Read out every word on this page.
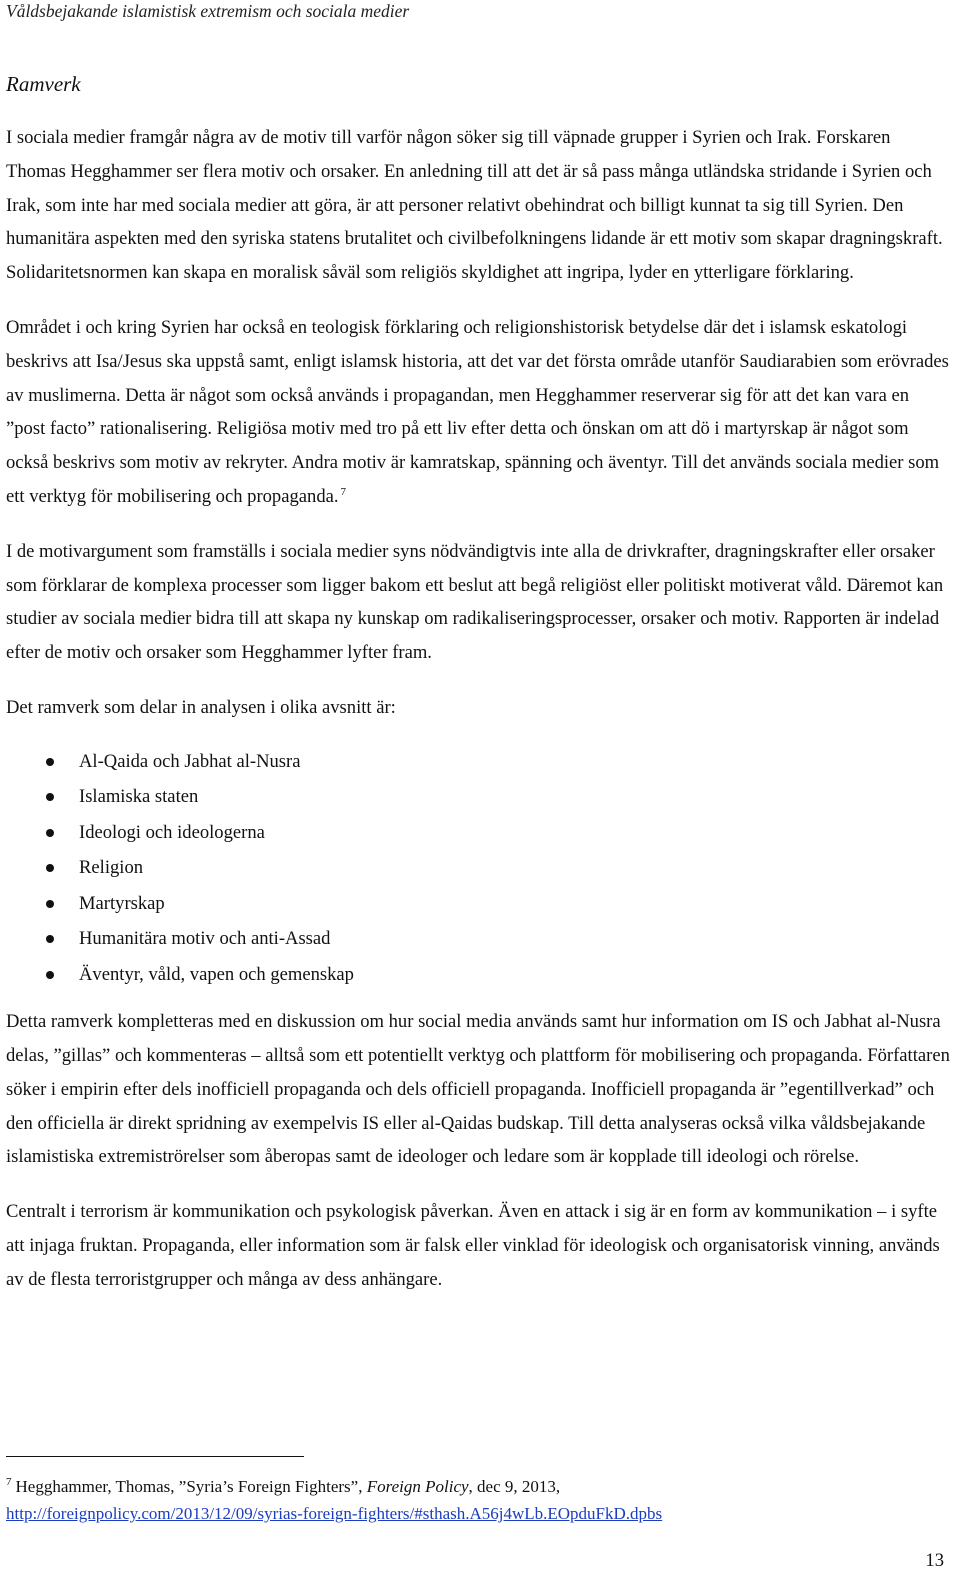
Våldsbejakande islamistisk extremism och sociala medier
Ramverk

I sociala medier framgår några av de motiv till varför någon söker sig till väpnade grupper i Syrien och Irak. Forskaren Thomas Hegghammer ser flera motiv och orsaker. En anledning till att det är så pass många utländska stridande i Syrien och Irak, som inte har med sociala medier att göra, är att personer relativt obehindrat och billigt kunnat ta sig till Syrien. Den humanitära aspekten med den syriska statens brutalitet och civilbefolkningens lidande är ett motiv som skapar dragningskraft. Solidaritetsnormen kan skapa en moralisk såväl som religiös skyldighet att ingripa, lyder en ytterligare förklaring.

Området i och kring Syrien har också en teologisk förklaring och religionshistorisk betydelse där det i islamsk eskatologi beskrivs att Isa/Jesus ska uppstå samt, enligt islamsk historia, att det var det första område utanför Saudiarabien som erövrades av muslimerna. Detta är något som också används i propagandan, men Hegghammer reserverar sig för att det kan vara en ”post facto” rationalisering. Religiösa motiv med tro på ett liv efter detta och önskan om att dö i martyrskap är något som också beskrivs som motiv av rekryter. Andra motiv är kamratskap, spänning och äventyr. Till det används sociala medier som ett verktyg för mobilisering och propaganda. $^7$

I de motivargument som framställs i sociala medier syns nödvändigtvis inte alla de drivkrafter, dragningskrafter eller orsaker som förklarar de komplexa processer som ligger bakom ett beslut att begå religiöst eller politiskt motiverat våld. Däremot kan studier av sociala medier bidra till att skapa ny kunskap om radikaliseringsprocesser, orsaker och motiv. Rapporten är indelad efter de motiv och orsaker som Hegghammer lyfter fram.

Det ramverk som delar in analysen i olika avsnitt är:

Al-Qaida och Jabhat al-Nusra
Islamiska staten
Ideologi och ideologerna
Religion
Martyrskap
Humanitära motiv och anti-Assad
Äventyr, våld, vapen och gemenskap

Detta ramverk kompletteras med en diskussion om hur social media används samt hur information om IS och Jabhat al-Nusra delas, ”gillas” och kommenteras – alltså som ett potentiellt verktyg och plattform för mobilisering och propaganda. Författaren söker i empirin efter dels inofficiell propaganda och dels officiell propaganda. Inofficiell propaganda är ”egentillverkad” och den officiella är direkt spridning av exempelvis IS eller al-Qaidas budskap. Till detta analyseras också vilka våldsbejakande islamistiska extremiströrelser som åberopas samt de ideologer och ledare som är kopplade till ideologi och rörelse.

Centralt i terrorism är kommunikation och psykologisk påverkan. Även en attack i sig är en form av kommunikation – i syfte att injaga fruktan. Propaganda, eller information som är falsk eller vinklad för ideologisk och organisatorisk vinning, används av de flesta terroristgrupper och många av dess anhängare.

$^7$ Hegghammer, Thomas, ”Syria’s Foreign Fighters”, Foreign Policy, dec 9, 2013,
http://foreignpolicy.com/2013/12/09/syrias-foreign-fighters/#sthash.A56j4wLb.EOpduFkD.dpbs
13
